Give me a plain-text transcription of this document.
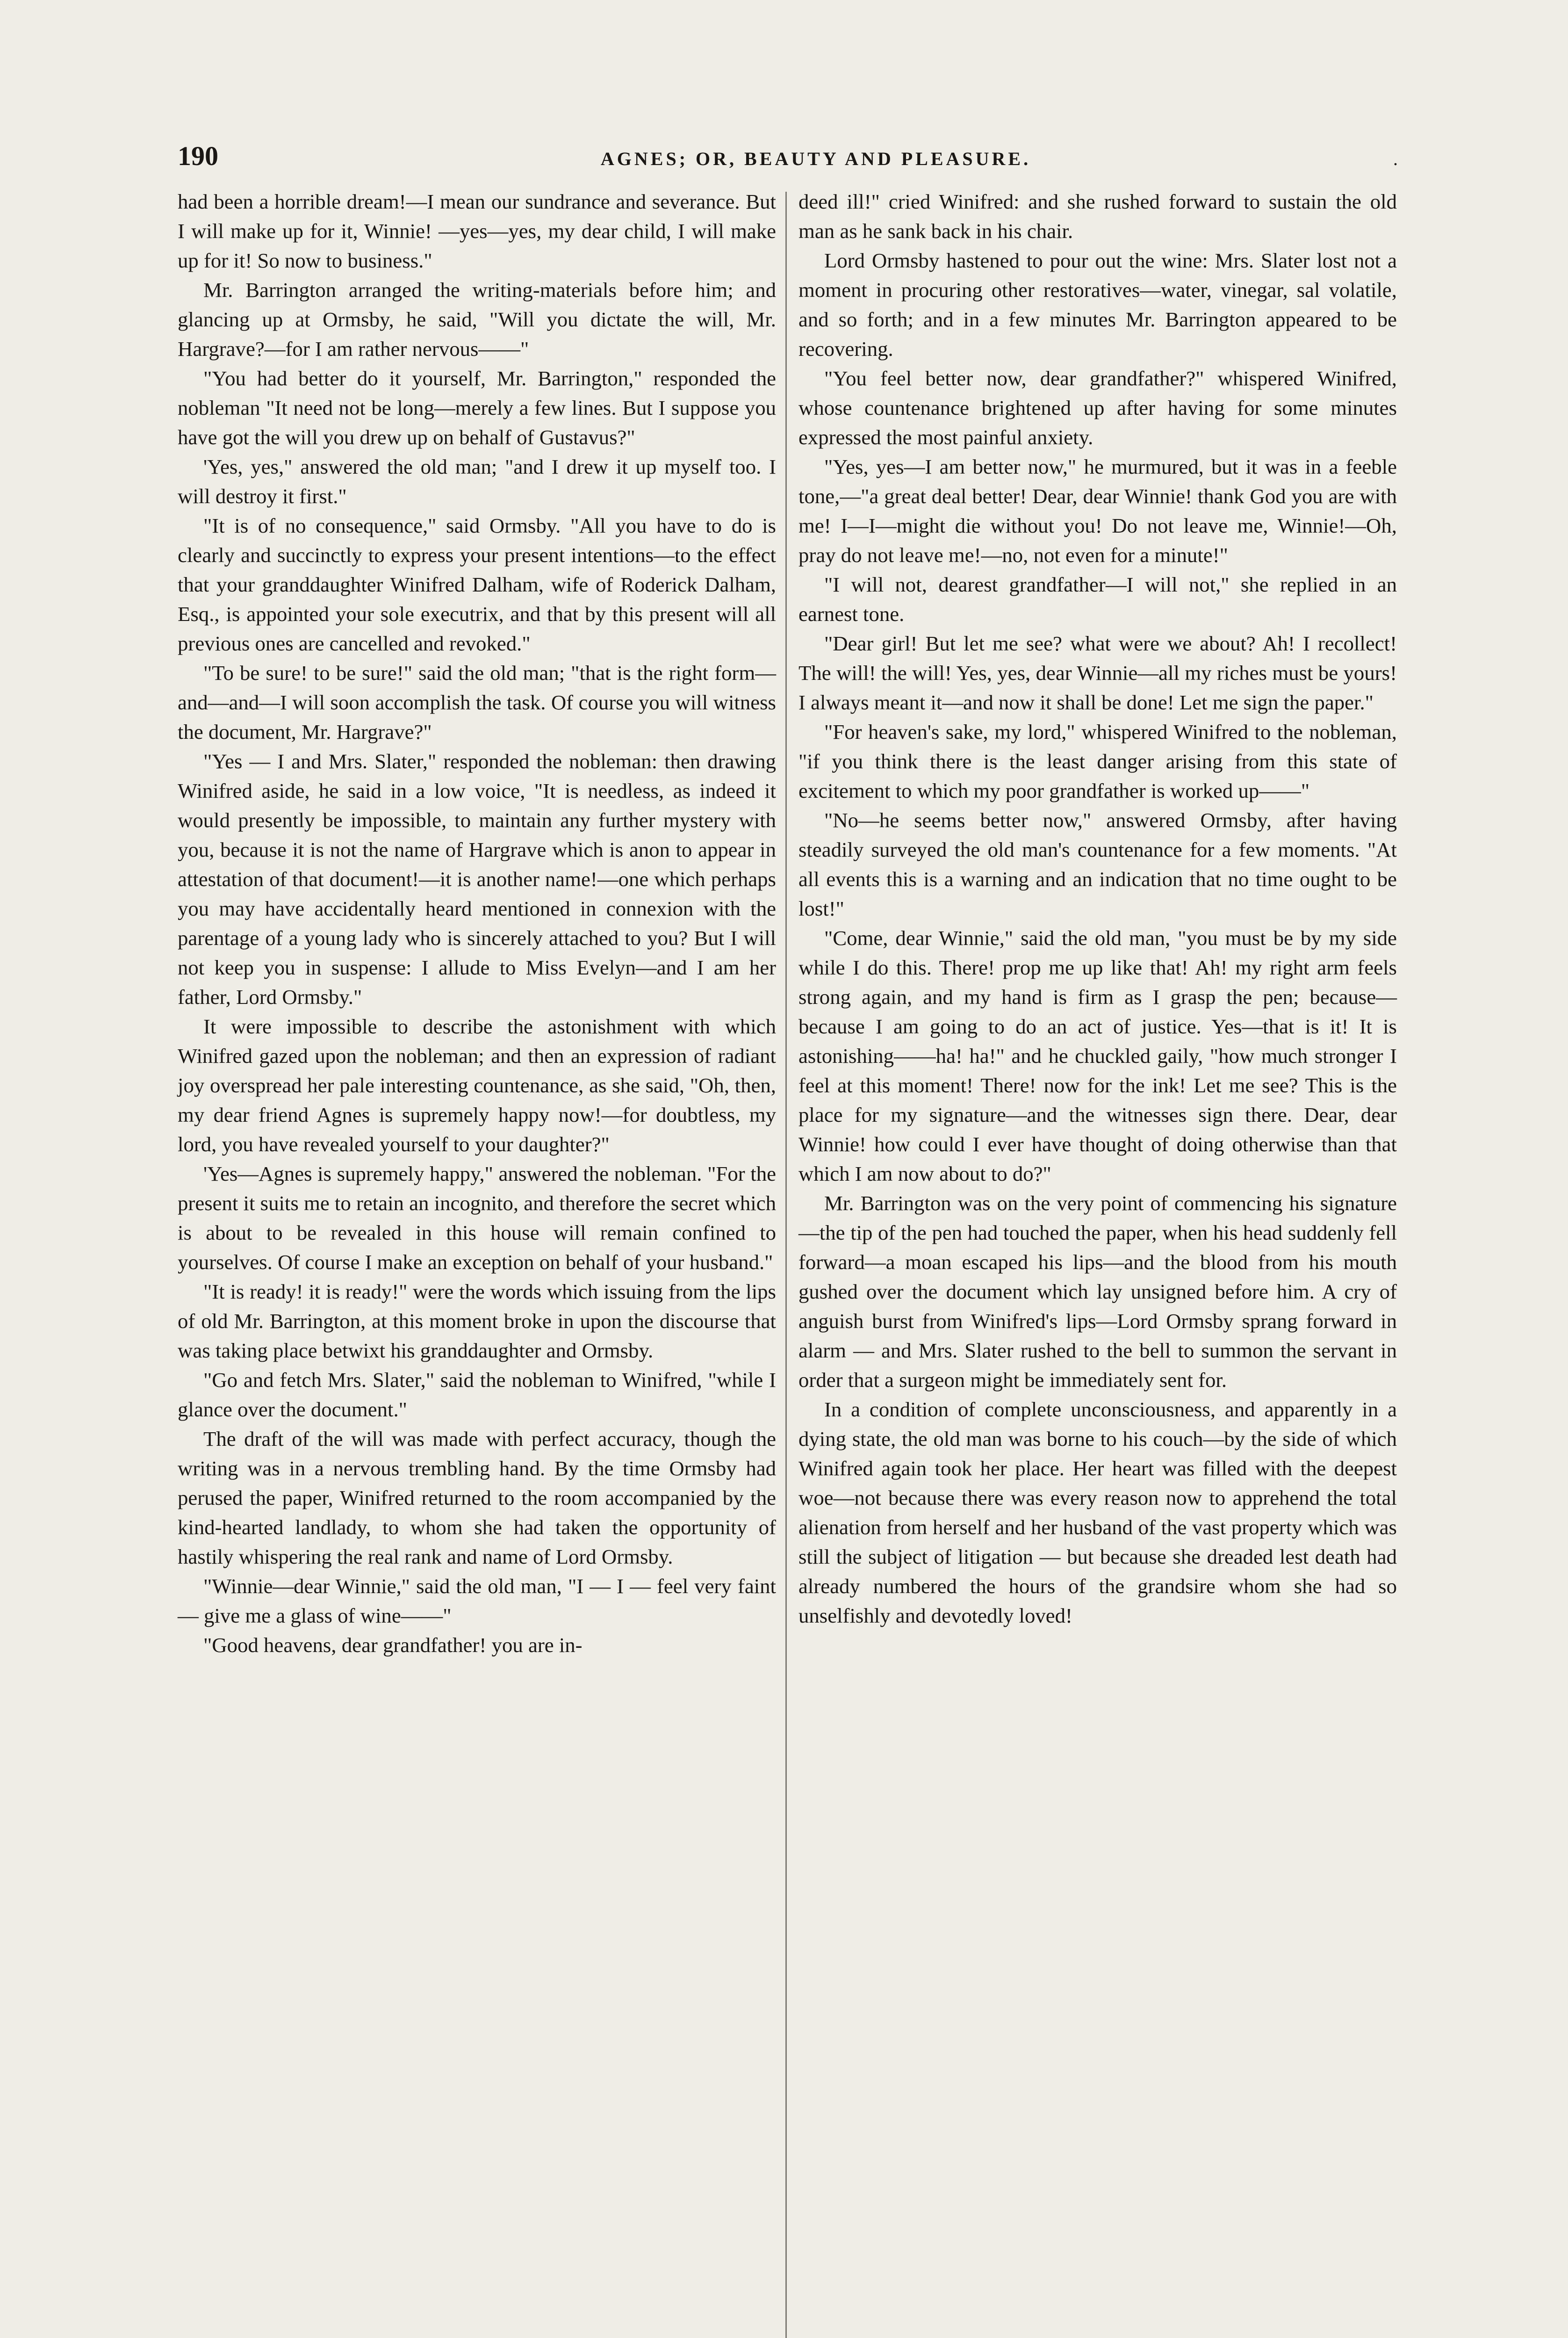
190	AGNES; OR, BEAUTY AND PLEASURE.	.

had been a horrible dream!—I mean our sundrance and severance. But I will make up for it, Winnie! —yes—yes, my dear child, I will make up for it! So now to business."

Mr. Barrington arranged the writing-materials before him; and glancing up at Ormsby, he said, "Will you dictate the will, Mr. Hargrave?—for I am rather nervous——"

"You had better do it yourself, Mr. Barrington," responded the nobleman "It need not be long—merely a few lines. But I suppose you have got the will you drew up on behalf of Gustavus?"

'Yes, yes," answered the old man; "and I drew it up myself too. I will destroy it first."

"It is of no consequence," said Ormsby. "All you have to do is clearly and succinctly to express your present intentions—to the effect that your granddaughter Winifred Dalham, wife of Roderick Dalham, Esq., is appointed your sole executrix, and that by this present will all previous ones are cancelled and revoked."

"To be sure! to be sure!" said the old man; "that is the right form—and—and—I will soon accomplish the task. Of course you will witness the document, Mr. Hargrave?"

"Yes — I and Mrs. Slater," responded the nobleman: then drawing Winifred aside, he said in a low voice, "It is needless, as indeed it would presently be impossible, to maintain any further mystery with you, because it is not the name of Hargrave which is anon to appear in attestation of that document!—it is another name!—one which perhaps you may have accidentally heard mentioned in connexion with the parentage of a young lady who is sincerely attached to you? But I will not keep you in suspense: I allude to Miss Evelyn—and I am her father, Lord Ormsby."

It were impossible to describe the astonishment with which Winifred gazed upon the nobleman; and then an expression of radiant joy overspread her pale interesting countenance, as she said, "Oh, then, my dear friend Agnes is supremely happy now!—for doubtless, my lord, you have revealed yourself to your daughter?"

'Yes—Agnes is supremely happy," answered the nobleman. "For the present it suits me to retain an incognito, and therefore the secret which is about to be revealed in this house will remain confined to yourselves. Of course I make an exception on behalf of your husband."

"It is ready! it is ready!" were the words which issuing from the lips of old Mr. Barrington, at this moment broke in upon the discourse that was taking place betwixt his granddaughter and Ormsby.

"Go and fetch Mrs. Slater," said the nobleman to Winifred, "while I glance over the document."

The draft of the will was made with perfect accuracy, though the writing was in a nervous trembling hand. By the time Ormsby had perused the paper, Winifred returned to the room accompanied by the kind-hearted landlady, to whom she had taken the opportunity of hastily whispering the real rank and name of Lord Ormsby.

"Winnie—dear Winnie," said the old man, "I — I — feel very faint — give me a glass of wine——"

"Good heavens, dear grandfather! you are in-

deed ill!" cried Winifred: and she rushed forward to sustain the old man as he sank back in his chair.

Lord Ormsby hastened to pour out the wine: Mrs. Slater lost not a moment in procuring other restoratives—water, vinegar, sal volatile, and so forth; and in a few minutes Mr. Barrington appeared to be recovering.

"You feel better now, dear grandfather?" whispered Winifred, whose countenance brightened up after having for some minutes expressed the most painful anxiety.

"Yes, yes—I am better now," he murmured, but it was in a feeble tone,—"a great deal better! Dear, dear Winnie! thank God you are with me! I—I—might die without you! Do not leave me, Winnie!—Oh, pray do not leave me!—no, not even for a minute!"

"I will not, dearest grandfather—I will not," she replied in an earnest tone.

"Dear girl! But let me see? what were we about? Ah! I recollect! The will! the will! Yes, yes, dear Winnie—all my riches must be yours! I always meant it—and now it shall be done! Let me sign the paper."

"For heaven's sake, my lord," whispered Winifred to the nobleman, "if you think there is the least danger arising from this state of excitement to which my poor grandfather is worked up——"

"No—he seems better now," answered Ormsby, after having steadily surveyed the old man's countenance for a few moments. "At all events this is a warning and an indication that no time ought to be lost!"

"Come, dear Winnie," said the old man, "you must be by my side while I do this. There! prop me up like that! Ah! my right arm feels strong again, and my hand is firm as I grasp the pen; because—because I am going to do an act of justice. Yes—that is it! It is astonishing——ha! ha!" and he chuckled gaily, "how much stronger I feel at this moment! There! now for the ink! Let me see? This is the place for my signature—and the witnesses sign there. Dear, dear Winnie! how could I ever have thought of doing otherwise than that which I am now about to do?"

Mr. Barrington was on the very point of commencing his signature—the tip of the pen had touched the paper, when his head suddenly fell forward—a moan escaped his lips—and the blood from his mouth gushed over the document which lay unsigned before him. A cry of anguish burst from Winifred's lips—Lord Ormsby sprang forward in alarm — and Mrs. Slater rushed to the bell to summon the servant in order that a surgeon might be immediately sent for.

In a condition of complete unconsciousness, and apparently in a dying state, the old man was borne to his couch—by the side of which Winifred again took her place. Her heart was filled with the deepest woe—not because there was every reason now to apprehend the total alienation from herself and her husband of the vast property which was still the subject of litigation — but because she dreaded lest death had already numbered the hours of the grandsire whom she had so unselfishly and devotedly loved!
